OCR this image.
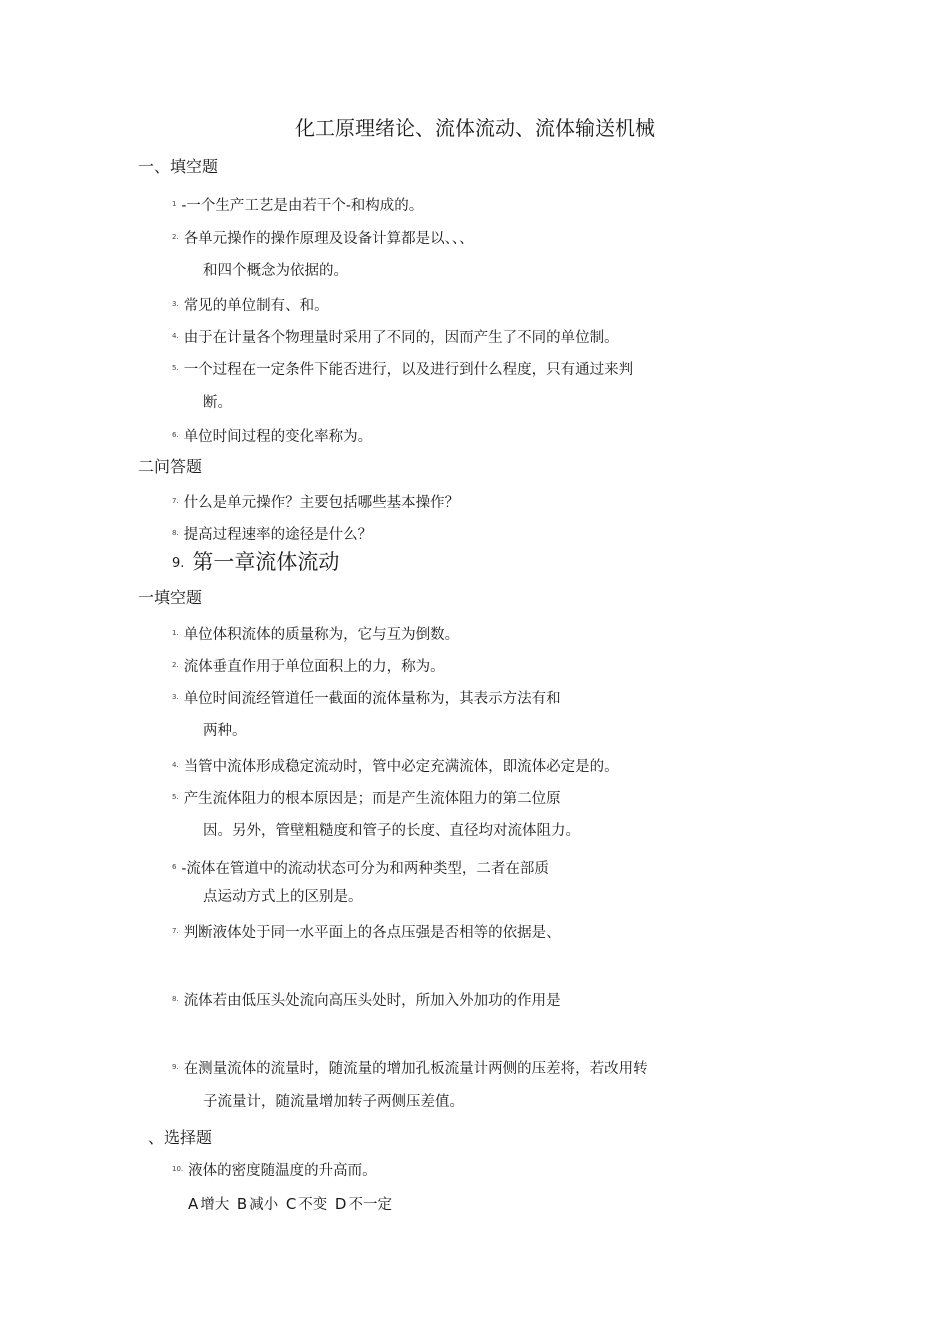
化工原理绪论、流体流动、流体输送机械
一、填空题
$^1$ -一个生产工艺是由若干个-和构成的。
$^{2.}$ 各单元操作的操作原理及设备计算都是以、、、
和四个概念为依据的。
$^{3.}$ 常见的单位制有、和。
$^{4.}$ 由于在计量各个物理量时采用了不同的，因而产生了不同的单位制。
$^{5.}$ 一个过程在一定条件下能否进行，以及进行到什么程度，只有通过来判
断。
$^{6.}$ 单位时间过程的变化率称为。
二问答题
$^{7.}$ 什么是单元操作？主要包括哪些基本操作？
$^{8.}$ 提高过程速率的途径是什么？
9. 第一章流体流动
一填空题
$^{1.}$ 单位体积流体的质量称为，它与互为倒数。
$^{2.}$ 流体垂直作用于单位面积上的力，称为。
$^{3.}$ 单位时间流经管道任一截面的流体量称为，其表示方法有和
两种。
$^{4.}$ 当管中流体形成稳定流动时，管中必定充满流体，即流体必定是的。
$^{5.}$ 产生流体阻力的根本原因是；而是产生流体阻力的第二位原
因。另外，管壁粗糙度和管子的长度、直径均对流体阻力。
$^6$ -流体在管道中的流动状态可分为和两种类型，二者在部质
点运动方式上的区别是。
$^{7.}$ 判断液体处于同一水平面上的各点压强是否相等的依据是、
$^{8.}$ 流体若由低压头处流向高压头处时，所加入外加功的作用是
$^{9.}$ 在测量流体的流量时，随流量的增加孔板流量计两侧的压差将，若改用转
子流量计，随流量增加转子两侧压差值。
、选择题
$^{10.}$ 液体的密度随温度的升高而。
A 增大 B 减小 C 不变 D 不一定
